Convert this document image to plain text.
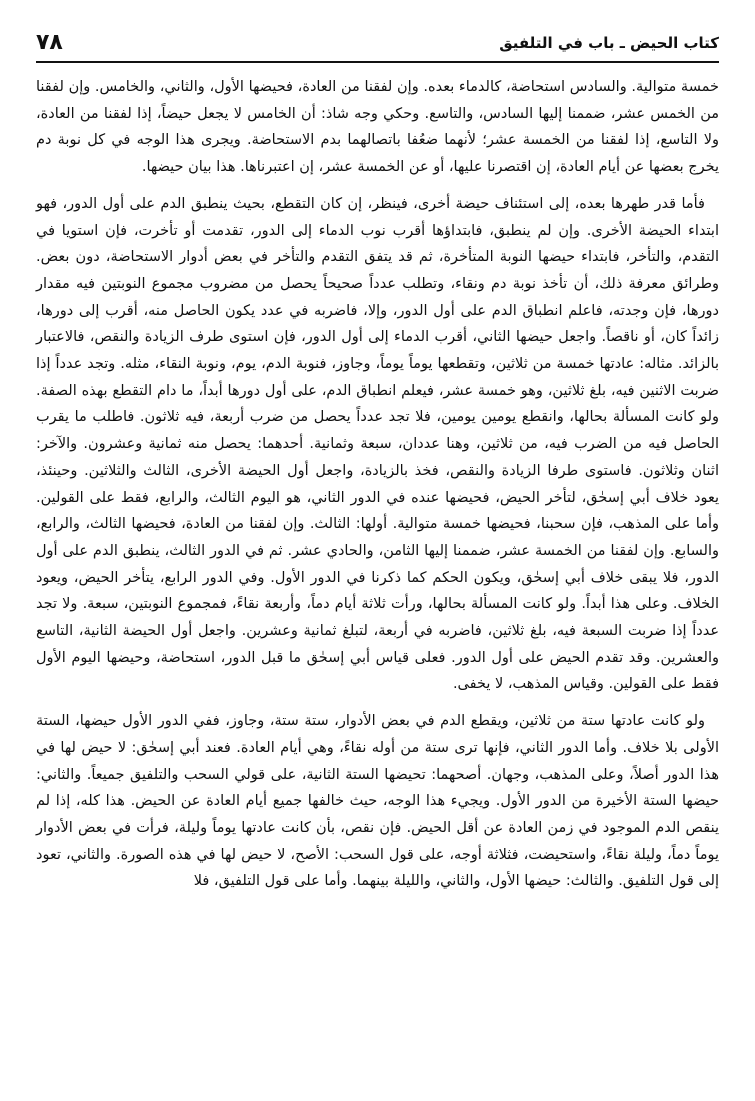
كتاب الحيض ـ باب في التلفيق
٧٨

خمسة متوالية. والسادس استحاضة، كالدماء بعده. وإن لفقنا من العادة، فحيضها الأول، والثاني، والخامس. وإن لفقنا من الخمس عشر، ضممنا إليها السادس، والتاسع. وحكي وجه شاذ: أن الخامس لا يجعل حيضاً، إذا لفقنا من العادة، ولا التاسع، إذا لفقنا من الخمسة عشر؛ لأنهما ضعُفا باتصالهما بدم الاستحاضة. ويجرى هذا الوجه في كل نوبة دم يخرج بعضها عن أيام العادة، إن اقتصرنا عليها، أو عن الخمسة عشر، إن اعتبرناها. هذا بيان حيضها.

فأما قدر طهرها بعده، إلى استئناف حيضة أخرى، فينظر، إن كان التقطع، بحيث ينطبق الدم على أول الدور، فهو ابتداء الحيضة الأخرى. وإن لم ينطبق، فابتداؤها أقرب نوب الدماء إلى الدور، تقدمت أو تأخرت، فإن استويا في التقدم، والتأخر، فابتداء حيضها النوبة المتأخرة، ثم قد يتفق التقدم والتأخر في بعض أدوار الاستحاضة، دون بعض. وطرائق معرفة ذلك، أن تأخذ نوبة دم ونقاء، وتطلب عدداً صحيحاً يحصل من مضروب مجموع النوبتين فيه مقدار دورها، فإن وجدته، فاعلم انطباق الدم على أول الدور، وإلا، فاضربه في عدد يكون الحاصل منه، أقرب إلى دورها، زائداً كان، أو ناقصاً. واجعل حيضها الثاني، أقرب الدماء إلى أول الدور، فإن استوى طرف الزيادة والنقص، فالاعتبار بالزائد. مثاله: عادتها خمسة من ثلاثين، وتقطعها يوماً يوماً، وجاوز، فنوبة الدم، يوم، ونوبة النقاء، مثله. وتجد عدداً إذا ضربت الاثنين فيه، بلغ ثلاثين، وهو خمسة عشر، فيعلم انطباق الدم، على أول دورها أبداً، ما دام التقطع بهذه الصفة. ولو كانت المسألة بحالها، وانقطع يومين يومين، فلا تجد عدداً يحصل من ضرب أربعة، فيه ثلاثون. فاطلب ما يقرب الحاصل فيه من الضرب فيه، من ثلاثين، وهنا عددان، سبعة وثمانية. أحدهما: يحصل منه ثمانية وعشرون. والآخر: اثنان وثلاثون. فاستوى طرفا الزيادة والنقص، فخذ بالزيادة، واجعل أول الحيضة الأخرى، الثالث والثلاثين. وحينئذ، يعود خلاف أبي إسحٰق، لتأخر الحيض، فحيضها عنده في الدور الثاني، هو اليوم الثالث، والرابع، فقط على القولين. وأما على المذهب، فإن سحبنا، فحيضها خمسة متوالية. أولها: الثالث. وإن لفقنا من العادة، فحيضها الثالث، والرابع، والسابع. وإن لفقنا من الخمسة عشر، ضممنا إليها الثامن، والحادي عشر. ثم في الدور الثالث، ينطبق الدم على أول الدور، فلا يبقى خلاف أبي إسحٰق، ويكون الحكم كما ذكرنا في الدور الأول. وفي الدور الرابع، يتأخر الحيض، ويعود الخلاف. وعلى هذا أبداً. ولو كانت المسألة بحالها، ورأت ثلاثة أيام دماً، وأربعة نقاءً، فمجموع النوبتين، سبعة. ولا تجد عدداً إذا ضربت السبعة فيه، بلغ ثلاثين، فاضربه في أربعة، لتبلغ ثمانية وعشرين. واجعل أول الحيضة الثانية، التاسع والعشرين. وقد تقدم الحيض على أول الدور. فعلى قياس أبي إسحٰق ما قبل الدور، استحاضة، وحيضها اليوم الأول فقط على القولين. وقياس المذهب، لا يخفى.

ولو كانت عادتها ستة من ثلاثين، ويقطع الدم في بعض الأدوار، ستة ستة، وجاوز، ففي الدور الأول حيضها، الستة الأولى بلا خلاف. وأما الدور الثاني، فإنها ترى ستة من أوله نقاءً، وهي أيام العادة. فعند أبي إسحٰق: لا حيض لها في هذا الدور أصلاً، وعلى المذهب، وجهان. أصحهما: تحيضها الستة الثانية، على قولي السحب والتلفيق جميعاً. والثاني: حيضها الستة الأخيرة من الدور الأول. ويجيء هذا الوجه، حيث خالفها جميع أيام العادة عن الحيض. هذا كله، إذا لم ينقص الدم الموجود في زمن العادة عن أقل الحيض. فإن نقص، بأن كانت عادتها يوماً وليلة، فرأت في بعض الأدوار يوماً دماً، وليلة نقاءً، واستحيضت، فثلاثة أوجه، على قول السحب: الأصح، لا حيض لها في هذه الصورة. والثاني، تعود إلى قول التلفيق. والثالث: حيضها الأول، والثاني، والليلة بينهما. وأما على قول التلفيق، فلا
